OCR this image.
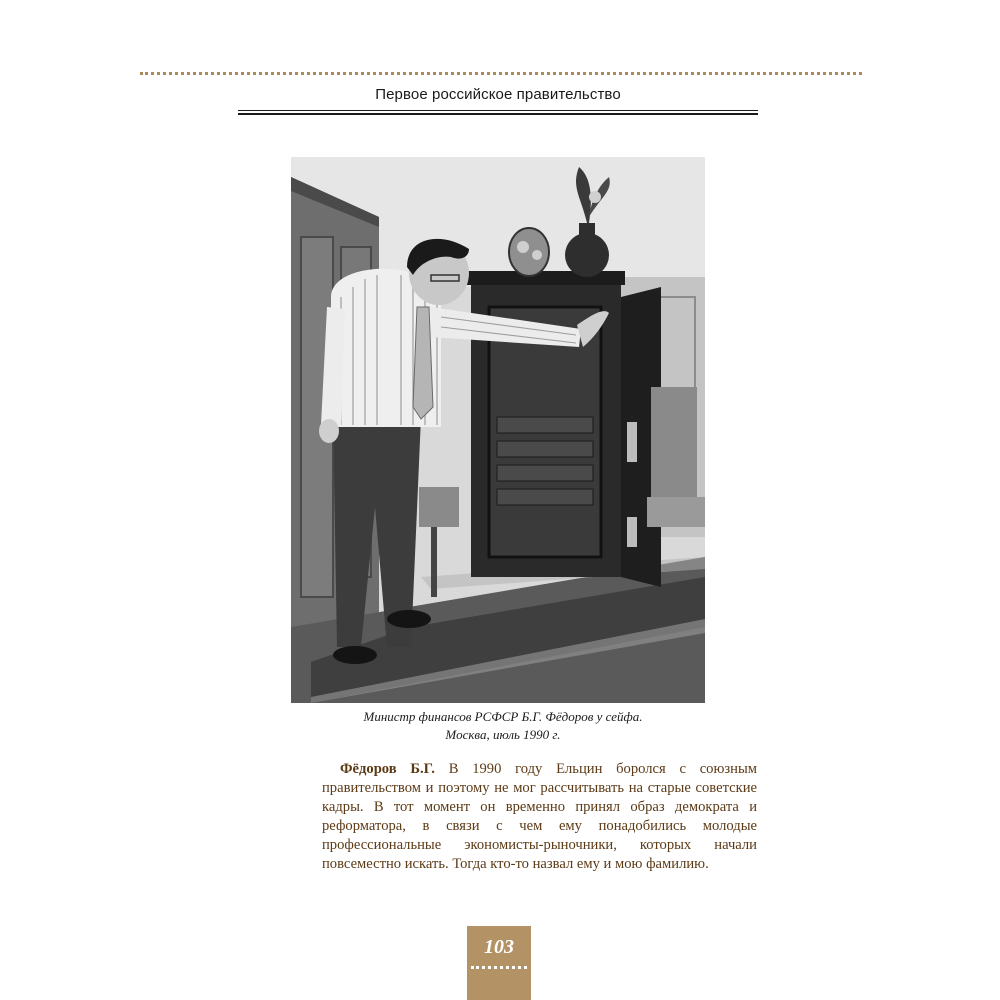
Первое российское правительство
Министр финансов РСФСР Б.Г. Фёдоров у сейфа.
Москва, июль 1990 г.
Фёдоров Б.Г. В 1990 году Ельцин боролся с союзным правительством и поэтому не мог рассчитывать на старые советские кадры. В тот момент он временно принял образ демократа и реформатора, в связи с чем ему понадобились молодые профессиональные экономисты-рыночники, которых начали повсеместно искать. Тогда кто-то назвал ему и мою фамилию.
103
